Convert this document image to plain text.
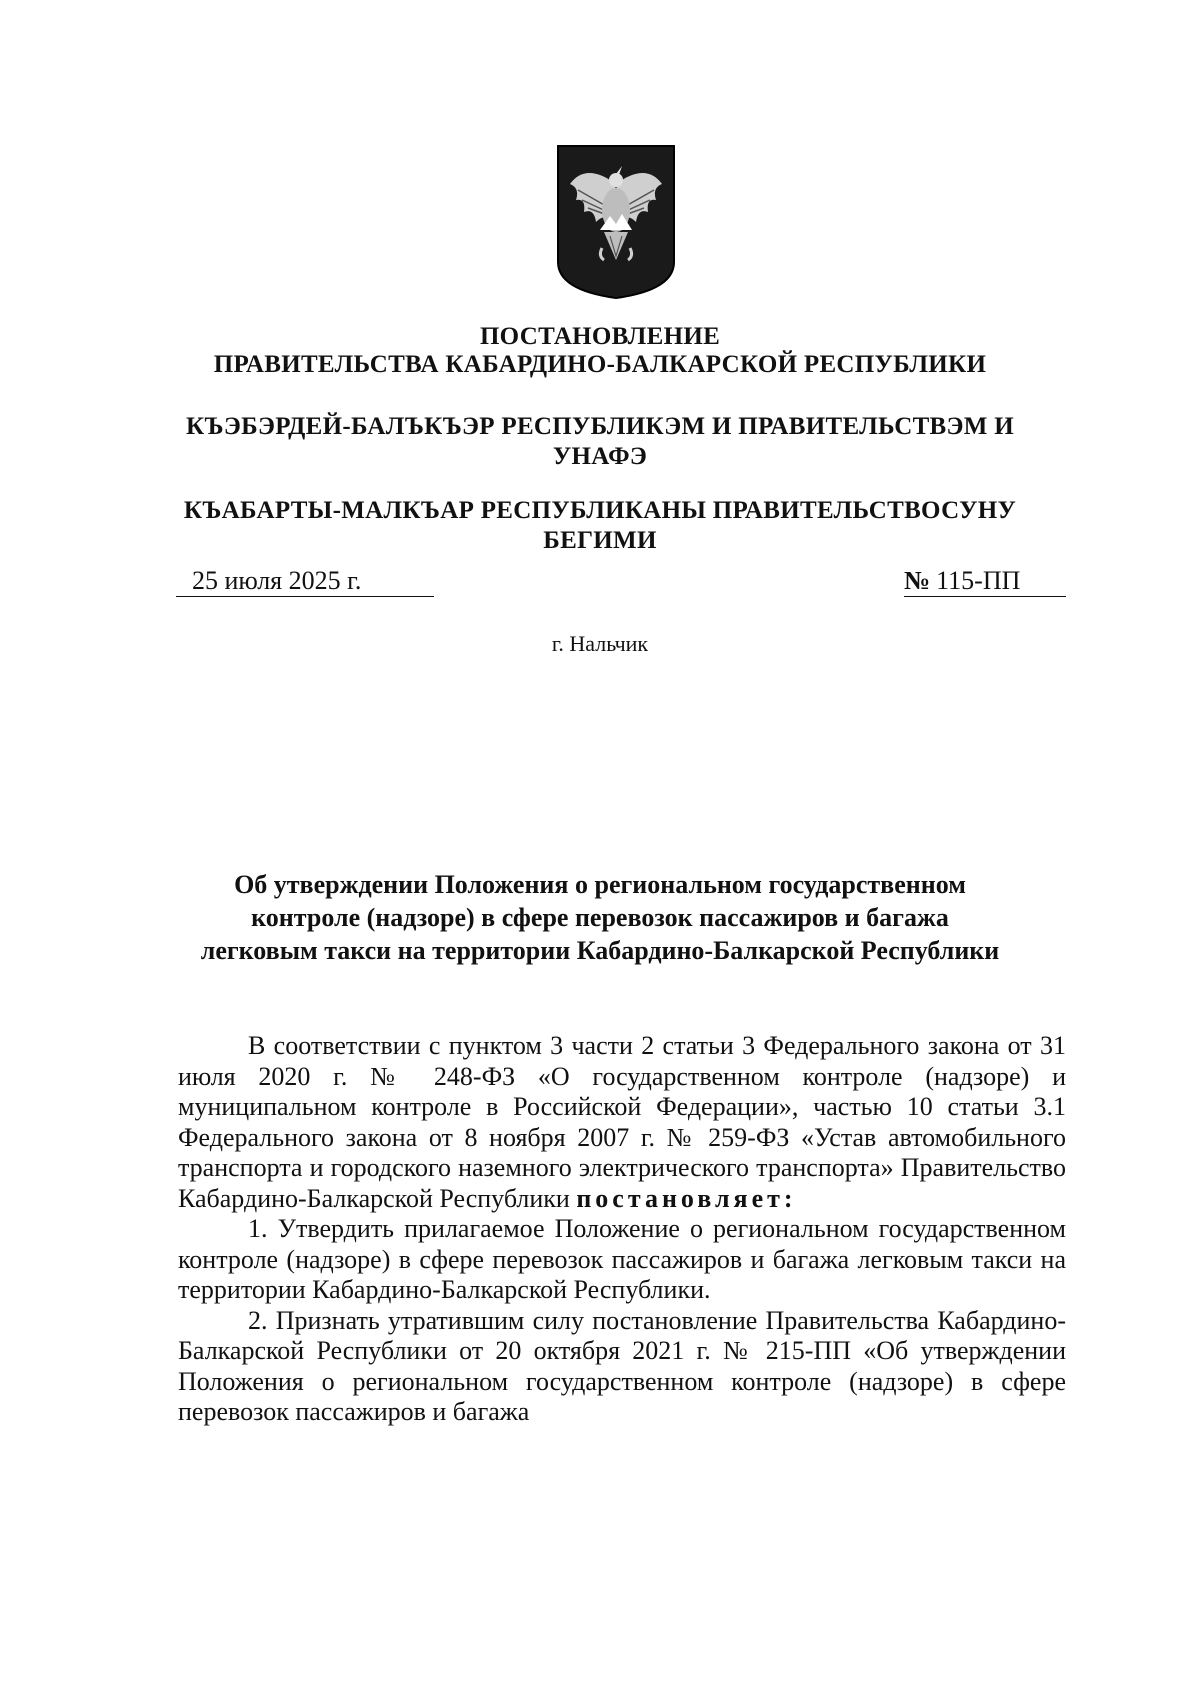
ПОСТАНОВЛЕНИЕ

ПРАВИТЕЛЬСТВА КАБАРДИНО-БАЛКАРСКОЙ РЕСПУБЛИКИ

КЪЭБЭРДЕЙ-БАЛЪКЪЭР РЕСПУБЛИКЭМ И ПРАВИТЕЛЬСТВЭМ И УНАФЭ

КЪАБАРТЫ-МАЛКЪАР РЕСПУБЛИКАНЫ ПРАВИТЕЛЬСТВОСУНУ БЕГИМИ

25 июля 2025 г.	№ 115-ПП
г. Нальчик

Об утверждении Положения о региональном государственном контроле (надзоре) в сфере перевозок пассажиров и багажа легковым такси на территории Кабардино-Балкарской Республики

В соответствии с пунктом 3 части 2 статьи 3 Федерального закона от 31 июля 2020 г. № 248-ФЗ «О государственном контроле (надзоре) и муниципальном контроле в Российской Федерации», частью 10 статьи 3.1 Федерального закона от 8 ноября 2007 г. № 259-ФЗ «Устав автомобильного транспорта и городского наземного электрического транспорта» Правительство Кабардино-Балкарской Республики постановляет:

1. Утвердить прилагаемое Положение о региональном государственном контроле (надзоре) в сфере перевозок пассажиров и багажа легковым такси на территории Кабардино-Балкарской Республики.

2. Признать утратившим силу постановление Правительства Кабардино-Балкарской Республики от 20 октября 2021 г. № 215-ПП «Об утверждении Положения о региональном государственном контроле (надзоре) в сфере перевозок пассажиров и багажа
